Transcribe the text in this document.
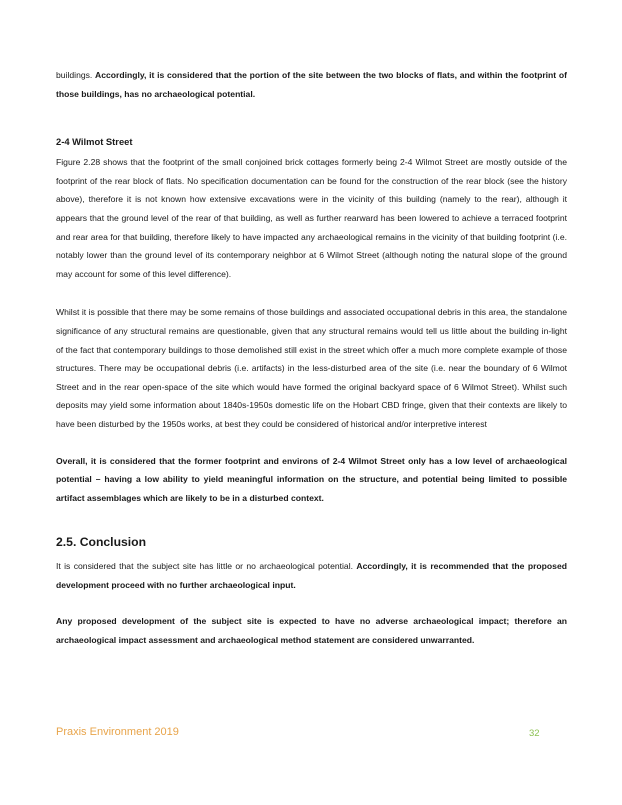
buildings. Accordingly, it is considered that the portion of the site between the two blocks of flats, and within the footprint of those buildings, has no archaeological potential.

2-4 Wilmot Street

Figure 2.28 shows that the footprint of the small conjoined brick cottages formerly being 2-4 Wilmot Street are mostly outside of the footprint of the rear block of flats. No specification documentation can be found for the construction of the rear block (see the history above), therefore it is not known how extensive excavations were in the vicinity of this building (namely to the rear), although it appears that the ground level of the rear of that building, as well as further rearward has been lowered to achieve a terraced footprint and rear area for that building, therefore likely to have impacted any archaeological remains in the vicinity of that building footprint (i.e. notably lower than the ground level of its contemporary neighbor at 6 Wilmot Street (although noting the natural slope of the ground may account for some of this level difference).

Whilst it is possible that there may be some remains of those buildings and associated occupational debris in this area, the standalone significance of any structural remains are questionable, given that any structural remains would tell us little about the building in-light of the fact that contemporary buildings to those demolished still exist in the street which offer a much more complete example of those structures. There may be occupational debris (i.e. artifacts) in the less-disturbed area of the site (i.e. near the boundary of 6 Wilmot Street and in the rear open-space of the site which would have formed the original backyard space of 6 Wilmot Street). Whilst such deposits may yield some information about 1840s-1950s domestic life on the Hobart CBD fringe, given that their contexts are likely to have been disturbed by the 1950s works, at best they could be considered of historical and/or interpretive interest

Overall, it is considered that the former footprint and environs of 2-4 Wilmot Street only has a low level of archaeological potential – having a low ability to yield meaningful information on the structure, and potential being limited to possible artifact assemblages which are likely to be in a disturbed context.

2.5. Conclusion

It is considered that the subject site has little or no archaeological potential. Accordingly, it is recommended that the proposed development proceed with no further archaeological input.

Any proposed development of the subject site is expected to have no adverse archaeological impact; therefore an archaeological impact assessment and archaeological method statement are considered unwarranted.

Praxis Environment 2019	32
